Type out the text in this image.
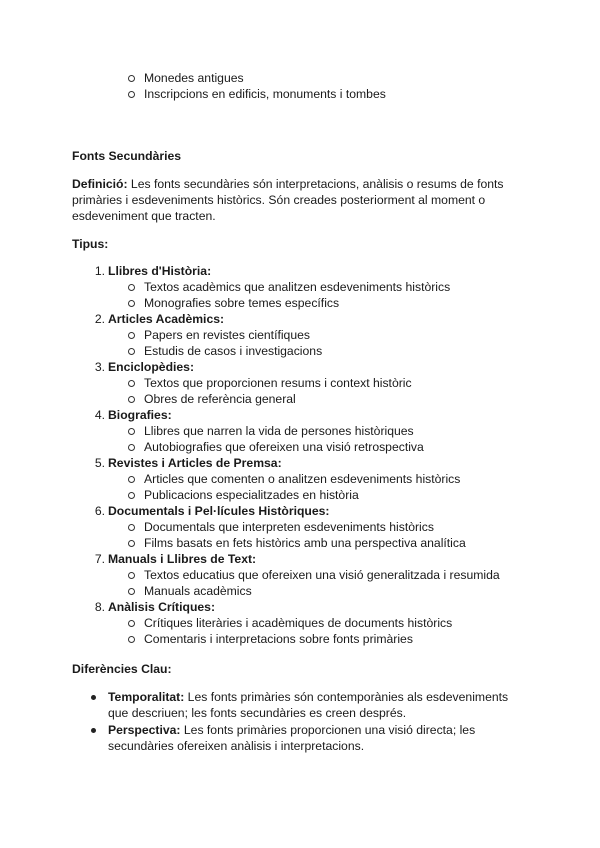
Monedes antigues
Inscripcions en edificis, monuments i tombes
Fonts Secundàries

Definició: Les fonts secundàries són interpretacions, anàlisis o resums de fonts primàries i esdeveniments històrics. Són creades posteriorment al moment o esdeveniment que tracten.

Tipus:
1. Llibres d'Història:
Textos acadèmics que analitzen esdeveniments històrics
Monografies sobre temes específics
2. Articles Acadèmics:
Papers en revistes científiques
Estudis de casos i investigacions
3. Enciclopèdies:
Textos que proporcionen resums i context històric
Obres de referència general
4. Biografies:
Llibres que narren la vida de persones històriques
Autobiografies que ofereixen una visió retrospectiva
5. Revistes i Articles de Premsa:
Articles que comenten o analitzen esdeveniments històrics
Publicacions especialitzades en història
6. Documentals i Pel·lícules Històriques:
Documentals que interpreten esdeveniments històrics
Films basats en fets històrics amb una perspectiva analítica
7. Manuals i Llibres de Text:
Textos educatius que ofereixen una visió generalitzada i resumida
Manuals acadèmics
8. Anàlisis Crítiques:
Crítiques literàries i acadèmiques de documents històrics
Comentaris i interpretacions sobre fonts primàries
Diferències Clau:
Temporalitat: Les fonts primàries són contemporànies als esdeveniments que descriuen; les fonts secundàries es creen després.
Perspectiva: Les fonts primàries proporcionen una visió directa; les secundàries ofereixen anàlisis i interpretacions.
